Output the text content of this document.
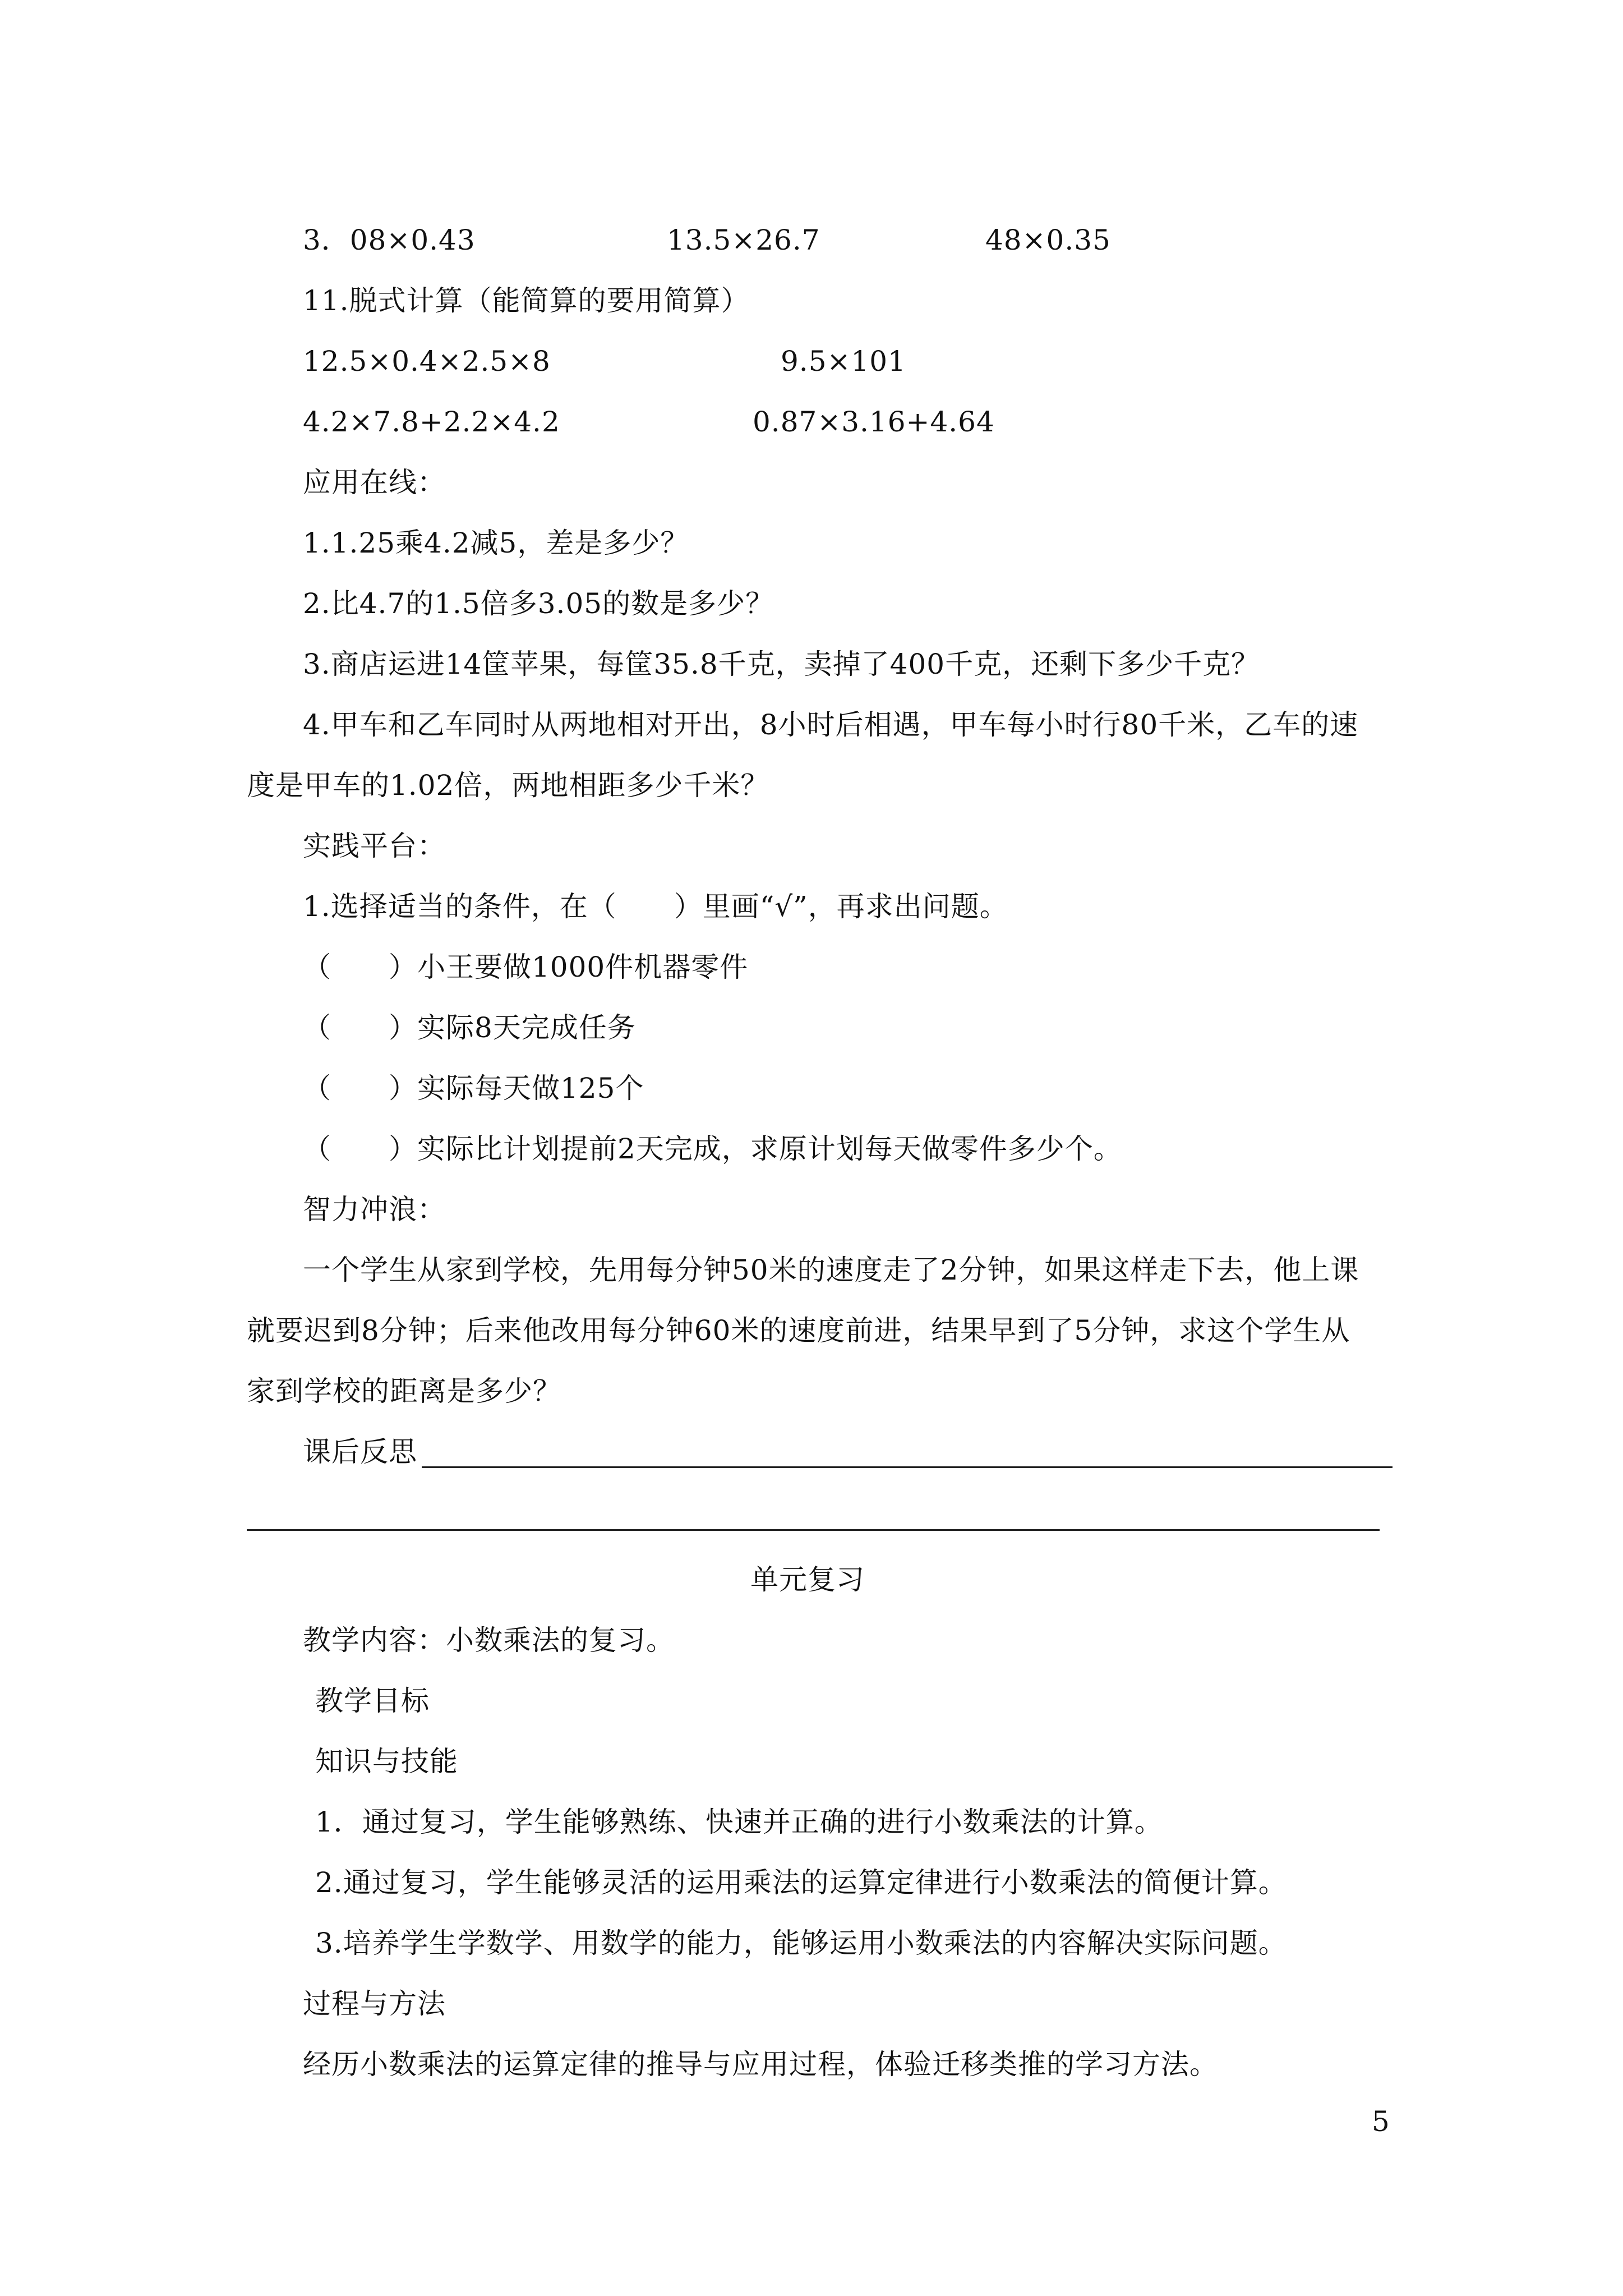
3．08×0.43	13.5×26.7	48×0.35
11.脱式计算（能简算的要用简算）
12.5×0.4×2.5×8	9.5×101
4.2×7.8+2.2×4.2	0.87×3.16+4.64
应用在线：
1.1.25乘4.2减5，差是多少？
2.比4.7的1.5倍多3.05的数是多少？
3.商店运进14筐苹果，每筐35.8千克，卖掉了400千克，还剩下多少千克？
4.甲车和乙车同时从两地相对开出，8小时后相遇，甲车每小时行80千米，乙车的速
度是甲车的1.02倍，两地相距多少千米？
实践平台：
1.选择适当的条件，在（　　）里画“√”，再求出问题。
（　　）小王要做1000件机器零件
（　　）实际8天完成任务
（　　）实际每天做125个
（　　）实际比计划提前2天完成，求原计划每天做零件多少个。
智力冲浪：
一个学生从家到学校，先用每分钟50米的速度走了2分钟，如果这样走下去，他上课
就要迟到8分钟；后来他改用每分钟60米的速度前进，结果早到了5分钟，求这个学生从
家到学校的距离是多少？
课后反思
单元复习
教学内容：小数乘法的复习。
教学目标
知识与技能
1．通过复习，学生能够熟练、快速并正确的进行小数乘法的计算。
2.通过复习，学生能够灵活的运用乘法的运算定律进行小数乘法的简便计算。
3.培养学生学数学、用数学的能力，能够运用小数乘法的内容解决实际问题。
过程与方法
经历小数乘法的运算定律的推导与应用过程，体验迁移类推的学习方法。
5
